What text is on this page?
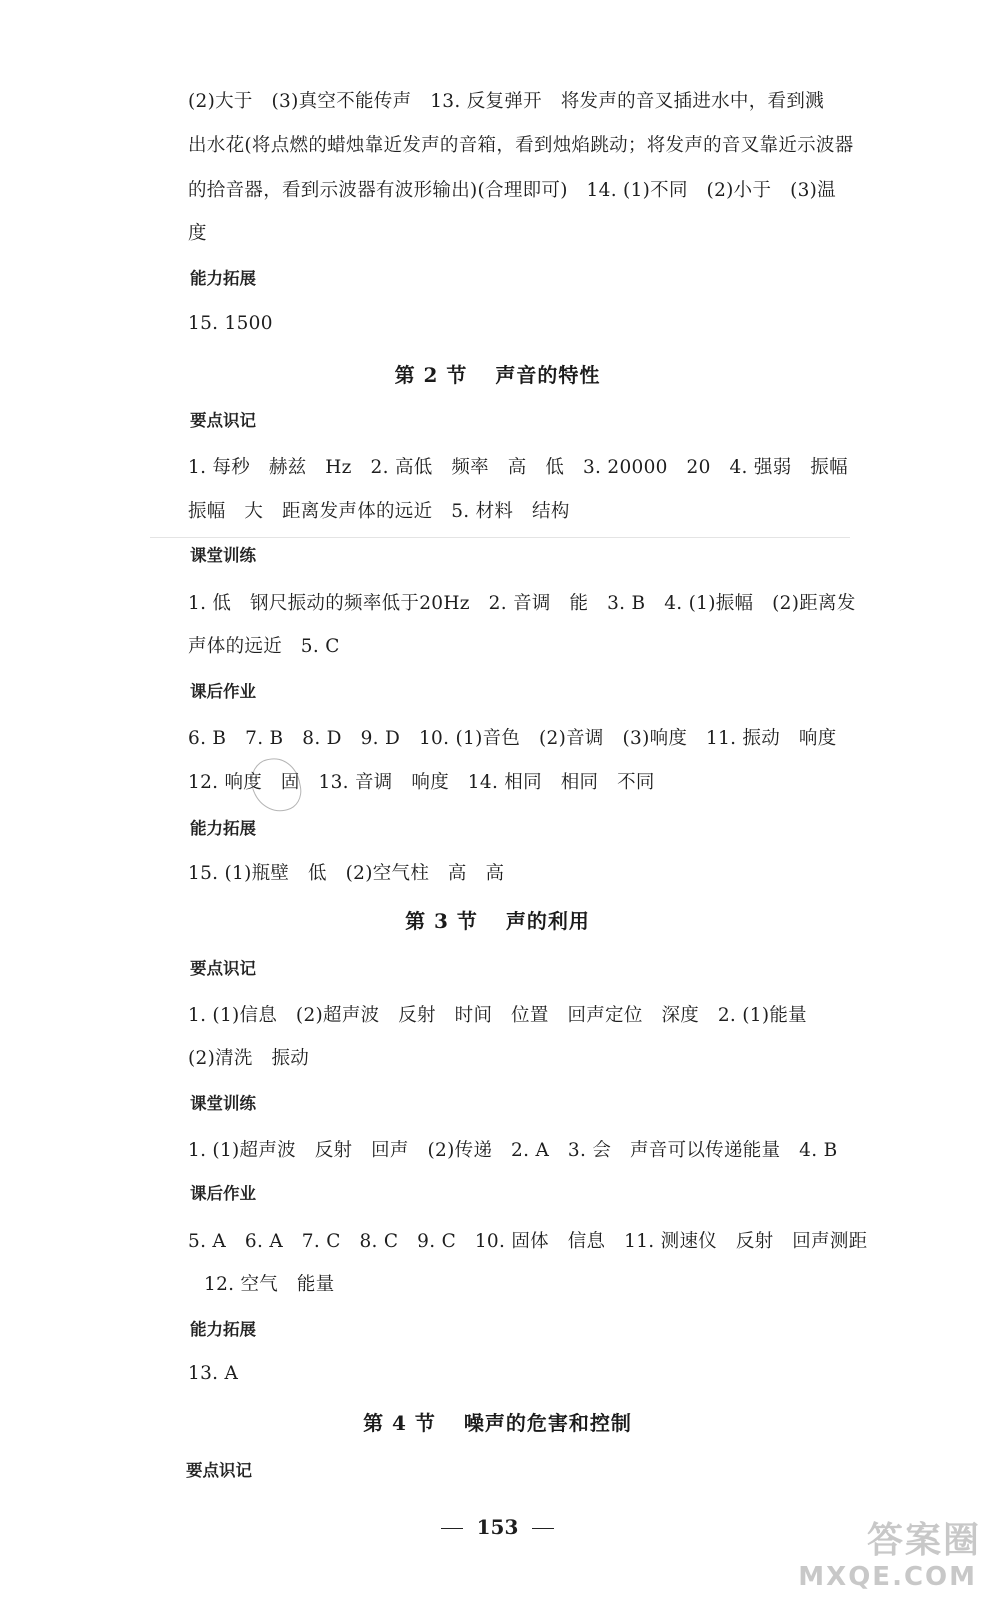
(2)大于　(3)真空不能传声　13. 反复弹开　将发声的音叉插进水中，看到溅
出水花(将点燃的蜡烛靠近发声的音箱，看到烛焰跳动；将发声的音叉靠近示波器
的拾音器，看到示波器有波形输出)(合理即可)　14. (1)不同　(2)小于　(3)温
度
能力拓展
15. 1500
第 2 节 声音的特性
要点识记
1. 每秒　赫兹　Hz　2. 高低　频率　高　低　3. 20000　20　4. 强弱　振幅
振幅　大　距离发声体的远近　5. 材料　结构
课堂训练
1. 低　钢尺振动的频率低于20Hz　2. 音调　能　3. B　4. (1)振幅　(2)距离发
声体的远近　5. C
课后作业
6. B　7. B　8. D　9. D　10. (1)音色　(2)音调　(3)响度　11. 振动　响度
12. 响度　固　13. 音调　响度　14. 相同　相同　不同
能力拓展
15. (1)瓶壁　低　(2)空气柱　高　高
第 3 节 声的利用
要点识记
1. (1)信息　(2)超声波　反射　时间　位置　回声定位　深度　2. (1)能量
(2)清洗　振动
课堂训练
1. (1)超声波　反射　回声　(2)传递　2. A　3. 会　声音可以传递能量　4. B
课后作业
5. A　6. A　7. C　8. C　9. C　10. 固体　信息　11. 测速仪　反射　回声测距
12. 空气　能量
能力拓展
13. A
第 4 节 噪声的危害和控制
要点识记
153	答案圈
MXQE.COM
